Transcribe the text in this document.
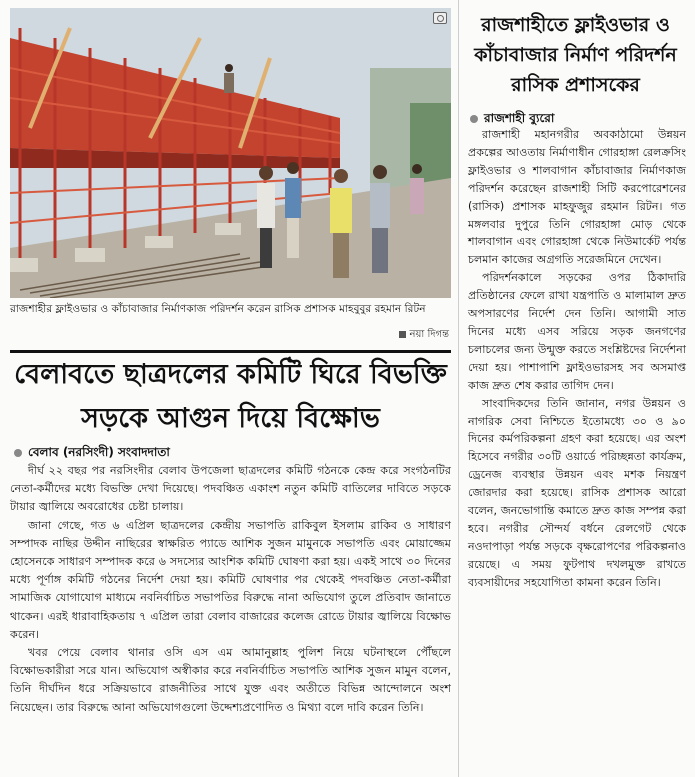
রাজশাহীর ফ্লাইওভার ও কাঁচাবাজার নির্মাণকাজ পরিদর্শন করেন রাসিক প্রশাসক মাহবুবুর রহমান রিটন
নয়া দিগন্ত
বেলাবতে ছাত্রদলের কমিটি ঘিরে বিভক্তি সড়কে আগুন দিয়ে বিক্ষোভ
বেলাব (নরসিংদী) সংবাদদাতা

দীর্ঘ ২২ বছর পর নরসিংদীর বেলাব উপজেলা ছাত্রদলের কমিটি গঠনকে কেন্দ্র করে সংগঠনটির নেতা-কর্মীদের মধ্যে বিভক্তি দেখা দিয়েছে। পদবঞ্চিত একাংশ নতুন কমিটি বাতিলের দাবিতে সড়কে টায়ার জ্বালিয়ে অবরোধের চেষ্টা চালায়।

জানা গেছে, গত ৬ এপ্রিল ছাত্রদলের কেন্দ্রীয় সভাপতি রাকিবুল ইসলাম রাকিব ও সাধারণ সম্পাদক নাছির উদ্দীন নাছিরের স্বাক্ষরিত প্যাডে আশিক সুজন মামুনকে সভাপতি এবং মোয়াজ্জেম হোসেনকে সাধারণ সম্পাদক করে ৬ সদস্যের আংশিক কমিটি ঘোষণা করা হয়। একই সাথে ৩০ দিনের মধ্যে পূর্ণাঙ্গ কমিটি গঠনের নির্দেশ দেয়া হয়। কমিটি ঘোষণার পর থেকেই পদবঞ্চিত নেতা-কর্মীরা সামাজিক যোগাযোগ মাধ্যমে নবনির্বাচিত সভাপতির বিরুদ্ধে নানা অভিযোগ তুলে প্রতিবাদ জানাতে থাকেন। এরই ধারাবাহিকতায় ৭ এপ্রিল তারা বেলাব বাজারের কলেজ রোডে টায়ার জ্বালিয়ে বিক্ষোভ করেন।

খবর পেয়ে বেলাব থানার ওসি এস এম আমানুল্লাহ পুলিশ নিয়ে ঘটনাস্থলে পৌঁছলে বিক্ষোভকারীরা সরে যান। অভিযোগ অস্বীকার করে নবনির্বাচিত সভাপতি আশিক সুজন মামুন বলেন, তিনি দীর্ঘদিন ধরে সক্রিয়ভাবে রাজনীতির সাথে যুক্ত এবং অতীতে বিভিন্ন আন্দোলনে অংশ নিয়েছেন। তার বিরুদ্ধে আনা অভিযোগগুলো উদ্দেশ্যপ্রণোদিত ও মিথ্যা বলে দাবি করেন তিনি।

রাজশাহীতে ফ্লাইওভার ও কাঁচাবাজার নির্মাণ পরিদর্শন রাসিক প্রশাসকের
রাজশাহী ব্যুরো

রাজশাহী মহানগরীর অবকাঠামো উন্নয়ন প্রকল্পের আওতায় নির্মাণাধীন গোরহাঙ্গা রেলক্রসিং ফ্লাইওভার ও শালবাগান কাঁচাবাজার নির্মাণকাজ পরিদর্শন করেছেন রাজশাহী সিটি করপোরেশনের (রাসিক) প্রশাসক মাহফুজুর রহমান রিটন। গত মঙ্গলবার দুপুরে তিনি গোরহাঙ্গা মোড় থেকে শালবাগান এবং গোরহাঙ্গা থেকে নিউমার্কেট পর্যন্ত চলমান কাজের অগ্রগতি সরেজমিনে দেখেন।

পরিদর্শনকালে সড়কের ওপর ঠিকাদারি প্রতিষ্ঠানের ফেলে রাখা যন্ত্রপাতি ও মালামাল দ্রুত অপসারণের নির্দেশ দেন তিনি। আগামী সাত দিনের মধ্যে এসব সরিয়ে সড়ক জনগণের চলাচলের জন্য উন্মুক্ত করতে সংশ্লিষ্টদের নির্দেশনা দেয়া হয়। পাশাপাশি ফ্লাইওভারসহ সব অসমাপ্ত কাজ দ্রুত শেষ করার তাগিদ দেন।

সাংবাদিকদের তিনি জানান, নগর উন্নয়ন ও নাগরিক সেবা নিশ্চিতে ইতোমধ্যে ৩০ ও ৯০ দিনের কর্মপরিকল্পনা গ্রহণ করা হয়েছে। এর অংশ হিসেবে নগরীর ৩০টি ওয়ার্ডে পরিচ্ছন্নতা কার্যক্রম, ড্রেনেজ ব্যবস্থার উন্নয়ন এবং মশক নিয়ন্ত্রণ জোরদার করা হয়েছে। রাসিক প্রশাসক আরো বলেন, জনভোগান্তি কমাতে দ্রুত কাজ সম্পন্ন করা হবে। নগরীর সৌন্দর্য বর্ধনে রেলগেট থেকে নওদাপাড়া পর্যন্ত সড়কে বৃক্ষরোপণের পরিকল্পনাও রয়েছে। এ সময় ফুটপাথ দখলমুক্ত রাখতে ব্যবসায়ীদের সহযোগিতা কামনা করেন তিনি।
